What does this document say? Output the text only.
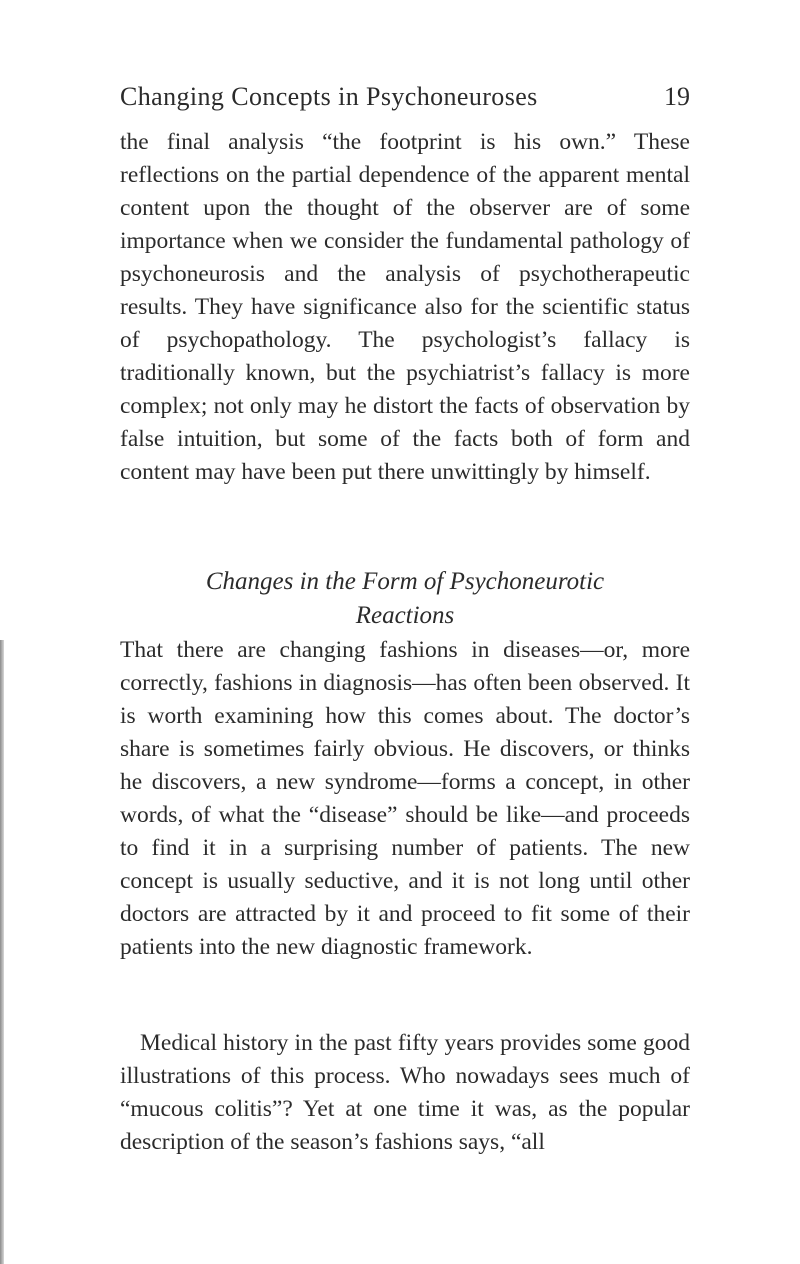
Changing Concepts in Psychoneuroses	19

the final analysis “the footprint is his own.” These reflections on the partial dependence of the apparent mental content upon the thought of the observer are of some importance when we consider the fundamental pathology of psychoneurosis and the analysis of psychotherapeutic results. They have significance also for the scientific status of psychopathology. The psychologist’s fallacy is traditionally known, but the psychiatrist’s fallacy is more complex; not only may he distort the facts of observation by false intuition, but some of the facts both of form and content may have been put there unwittingly by himself.

Changes in the Form of Psychoneurotic
Reactions

That there are changing fashions in diseases—or, more correctly, fashions in diagnosis—has often been observed. It is worth examining how this comes about. The doctor’s share is sometimes fairly obvious. He discovers, or thinks he discovers, a new syndrome—forms a concept, in other words, of what the “disease” should be like—and proceeds to find it in a surprising number of patients. The new concept is usually seductive, and it is not long until other doctors are attracted by it and proceed to fit some of their patients into the new diagnostic framework.

Medical history in the past fifty years provides some good illustrations of this process. Who nowadays sees much of “mucous colitis”? Yet at one time it was, as the popular description of the season’s fashions says, “all
